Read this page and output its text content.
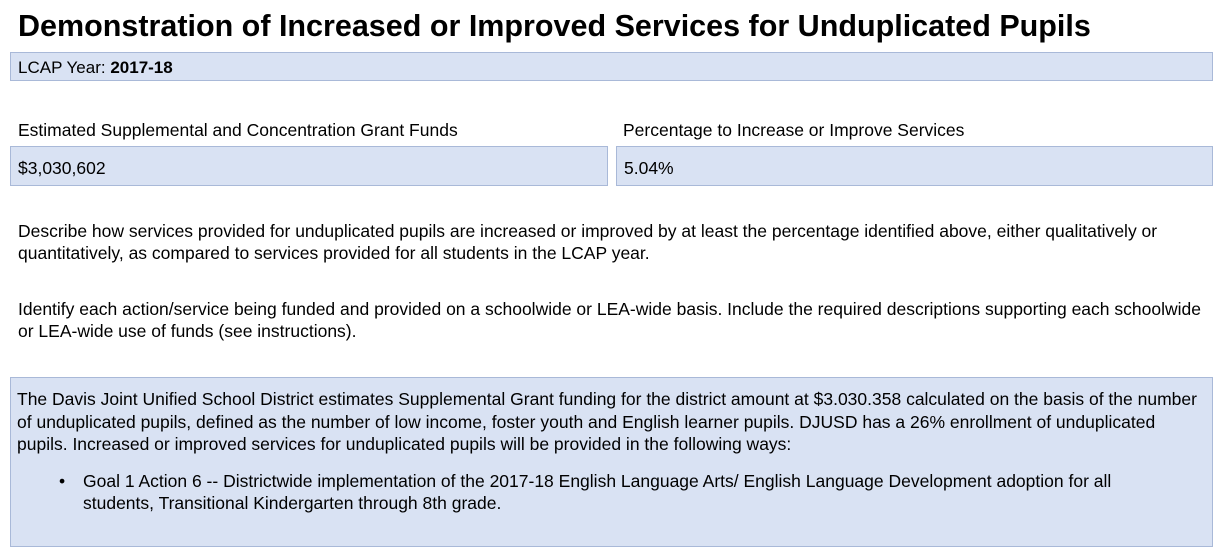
Demonstration of Increased or Improved Services for Unduplicated Pupils
LCAP Year: 2017-18
Estimated Supplemental and Concentration Grant Funds	Percentage to Increase or Improve Services
$3,030,602	5.04%

Describe how services provided for unduplicated pupils are increased or improved by at least the percentage identified above, either qualitatively or quantitatively, as compared to services provided for all students in the LCAP year.

Identify each action/service being funded and provided on a schoolwide or LEA-wide basis. Include the required descriptions supporting each schoolwide or LEA-wide use of funds (see instructions).

The Davis Joint Unified School District estimates Supplemental Grant funding for the district amount at $3.030.358 calculated on the basis of the number of unduplicated pupils, defined as the number of low income, foster youth and English learner pupils. DJUSD has a 26% enrollment of unduplicated pupils. Increased or improved services for unduplicated pupils will be provided in the following ways:

• Goal 1 Action 6 -- Districtwide implementation of the 2017-18 English Language Arts/ English Language Development adoption for all students, Transitional Kindergarten through 8th grade.
